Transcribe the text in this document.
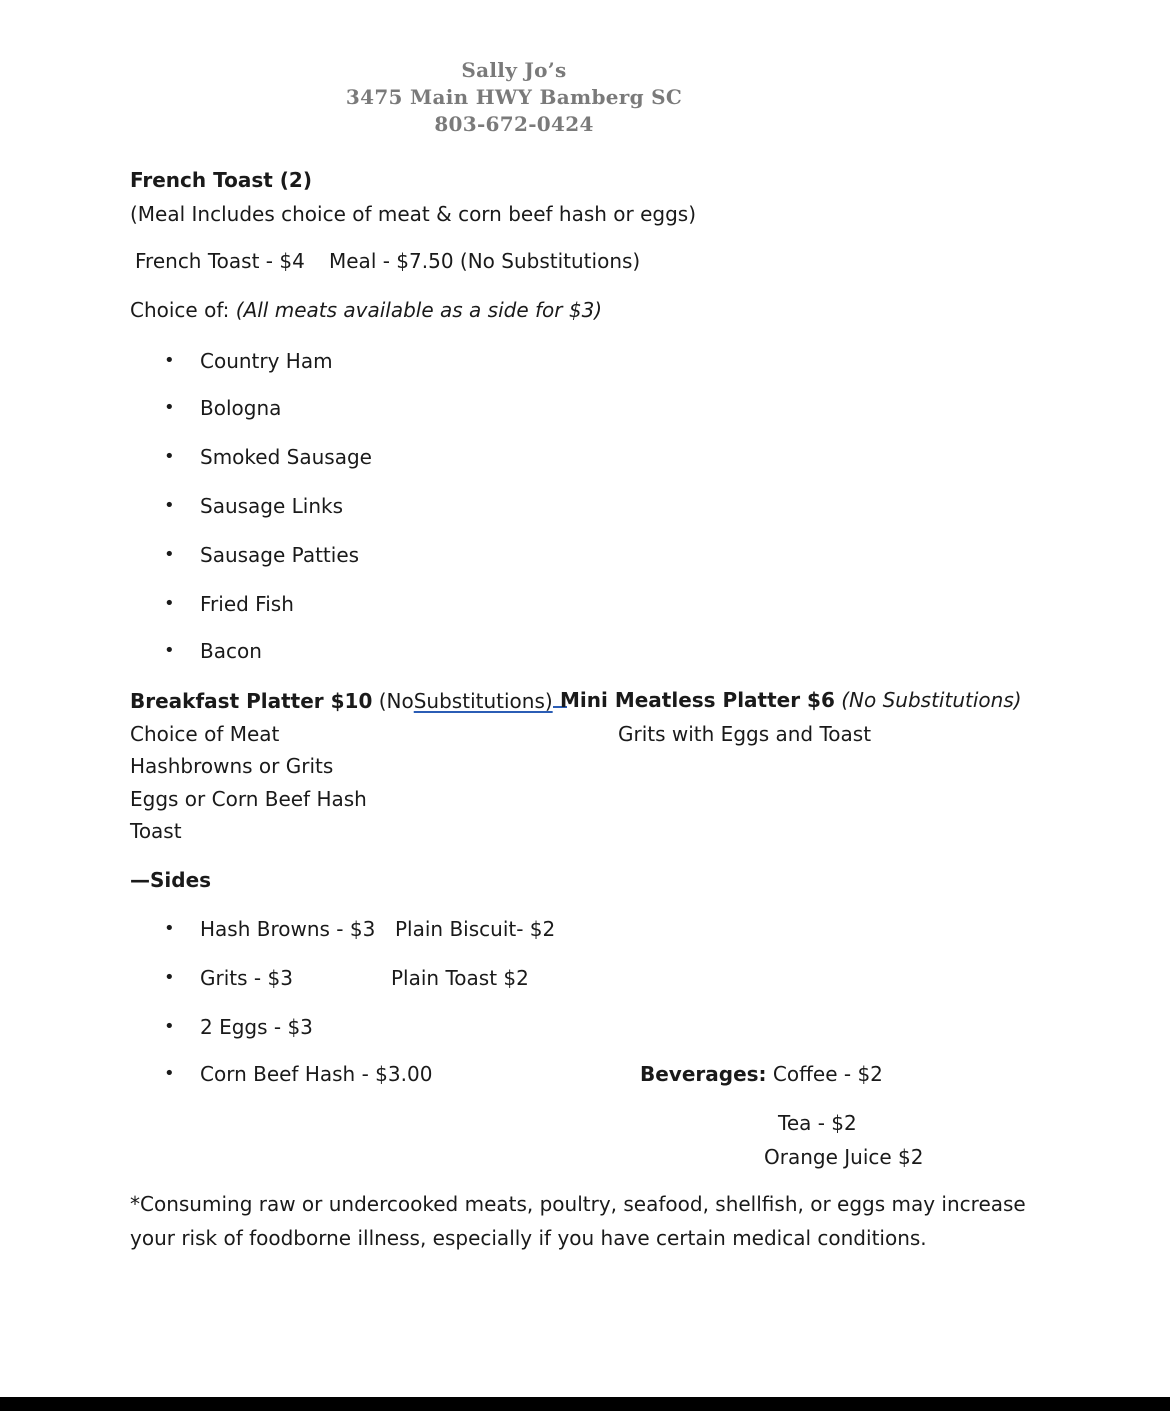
Sally Jo’s
3475 Main HWY Bamberg SC
803-672-0424
French Toast (2)
(Meal Includes choice of meat & corn beef hash or eggs)
French Toast - $4 Meal - $7.50 (No Substitutions)
Choice of: (All meats available as a side for $3)
• Country Ham
• Bologna
• Smoked Sausage
• Sausage Links
• Sausage Patties
• Fried Fish
• Bacon
Breakfast Platter $10 (NoSubstitutions) Mini Meatless Platter $6 (No Substitutions)
Choice of Meat	Grits with Eggs and Toast
Hashbrowns or Grits
Eggs or Corn Beef Hash
Toast
—Sides
• Hash Browns - $3 Plain Biscuit- $2
• Grits - $3	Plain Toast $2
• 2 Eggs - $3
• Corn Beef Hash - $3.00	Beverages: Coffee - $2
Tea - $2
Orange Juice $2
*Consuming raw or undercooked meats, poultry, seafood, shellfish, or eggs may increase
your risk of foodborne illness, especially if you have certain medical conditions.
